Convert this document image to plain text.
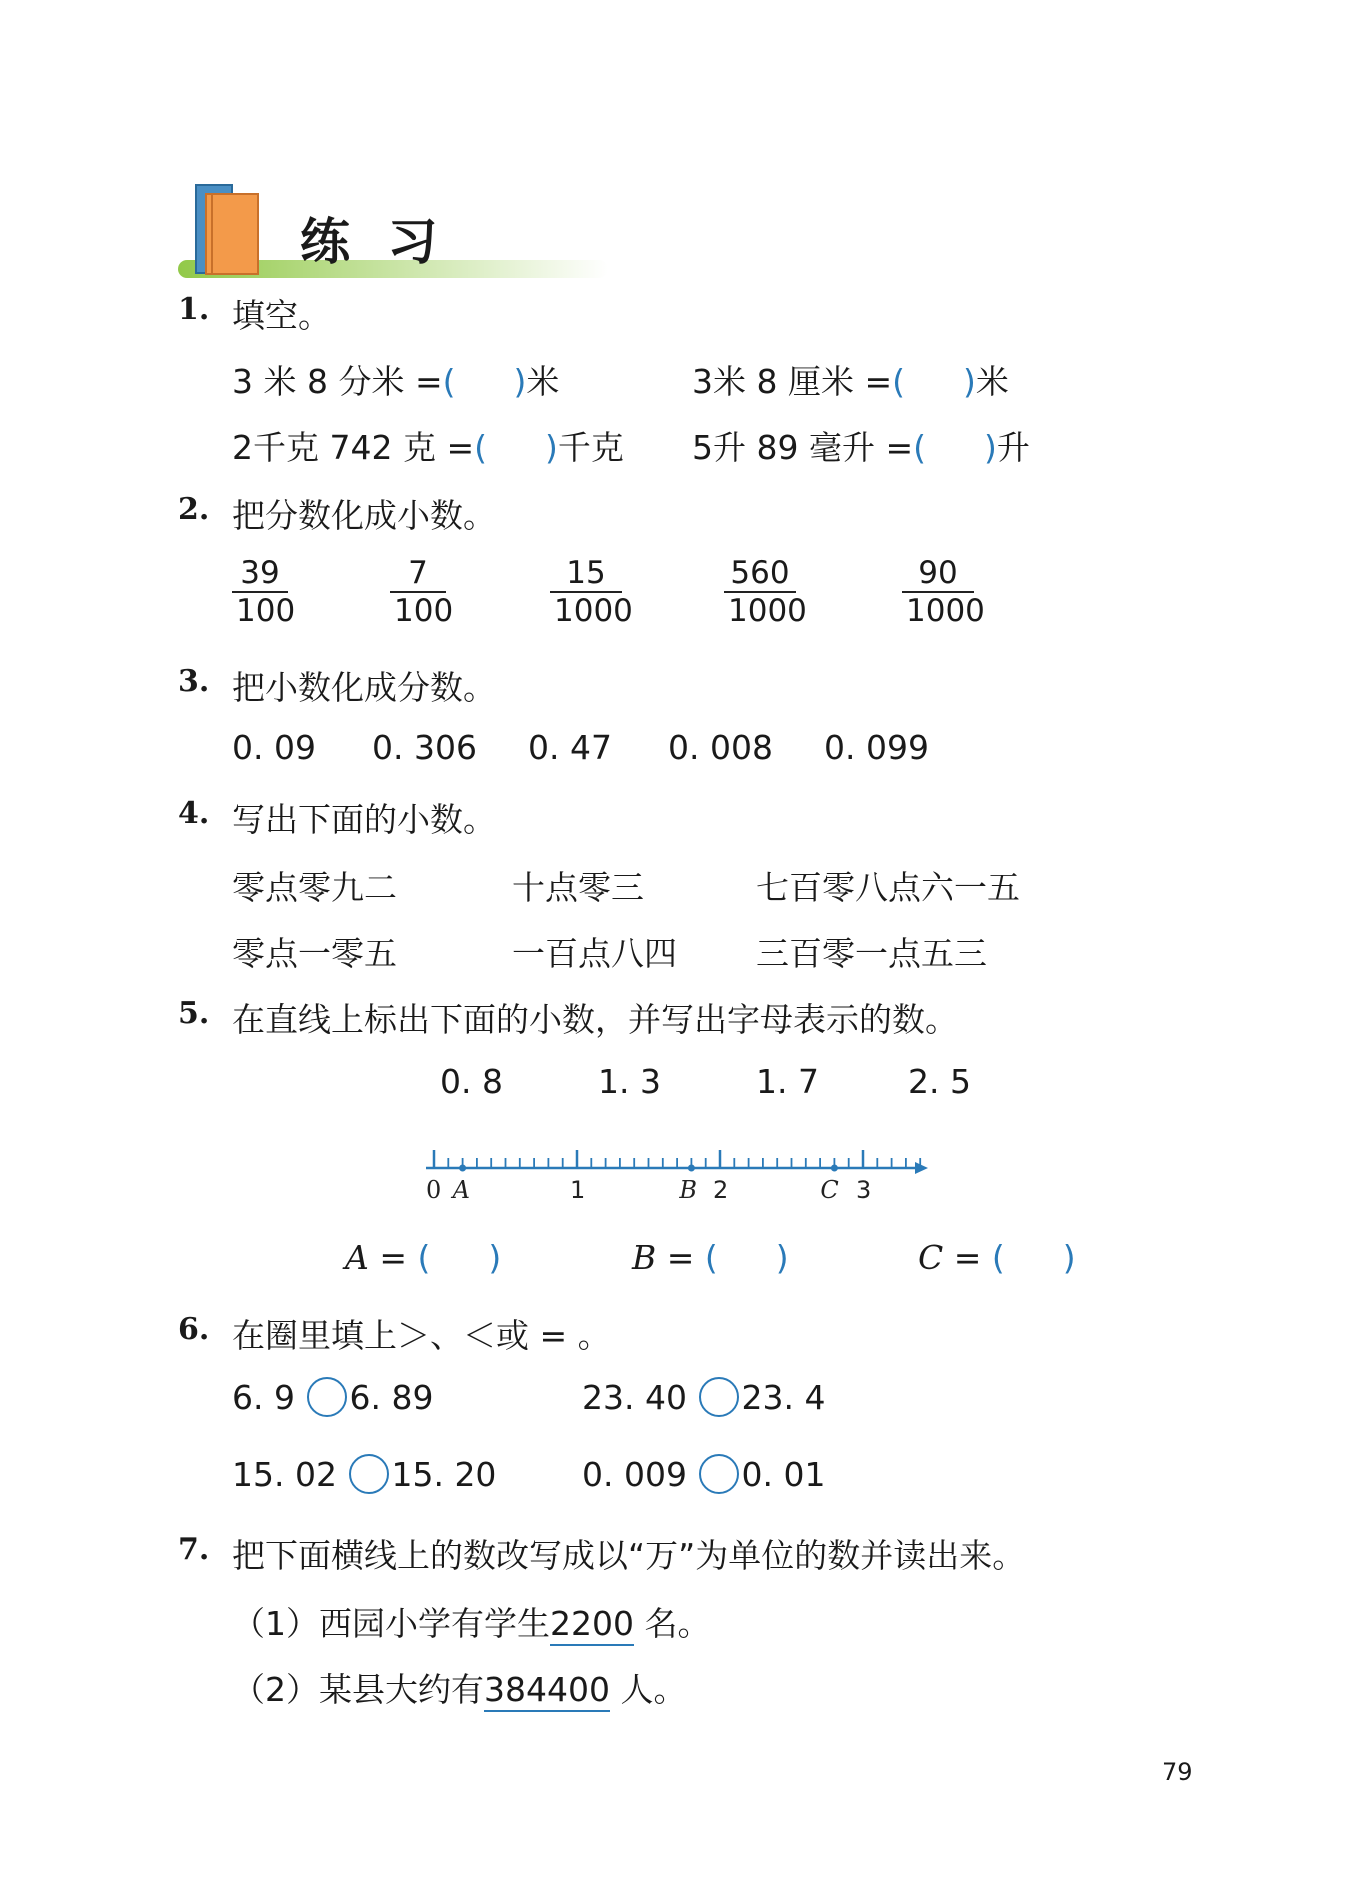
练 习
1. 填空。
3 米 8 分米 =( )米	3米 8 厘米 =( )米
2千克 742 克 =( )千克 5升 89 毫升 =( )升
2. 把分数化成小数。
$\frac{39}{100}$	$\frac{7}{100}$	$\frac{15}{1000}$	$\frac{560}{1000}$	$\frac{90}{1000}$
3. 把小数化成分数。
0. 09 0. 306 0. 47 0. 008 0. 099
4. 写出下面的小数。
零点零九二	十点零三	七百零八点六一五
零点一零五	一百点八四 三百零一点五三
5. 在直线上标出下面的小数，并写出字母表示的数。
0. 8	1. 3	1. 7	2. 5
0 A	1	B 2	C 3
A = ( )	B = ( )	C = ( )
6. 在圈里填上＞、＜或 = 。
6. 9 6. 89	23. 40 23. 4
15. 02 15. 20	0. 009 0. 01
7. 把下面横线上的数改写成以“万”为单位的数并读出来。
（1）西园小学有学生2200 名。
（2）某县大约有384400 人。
79
